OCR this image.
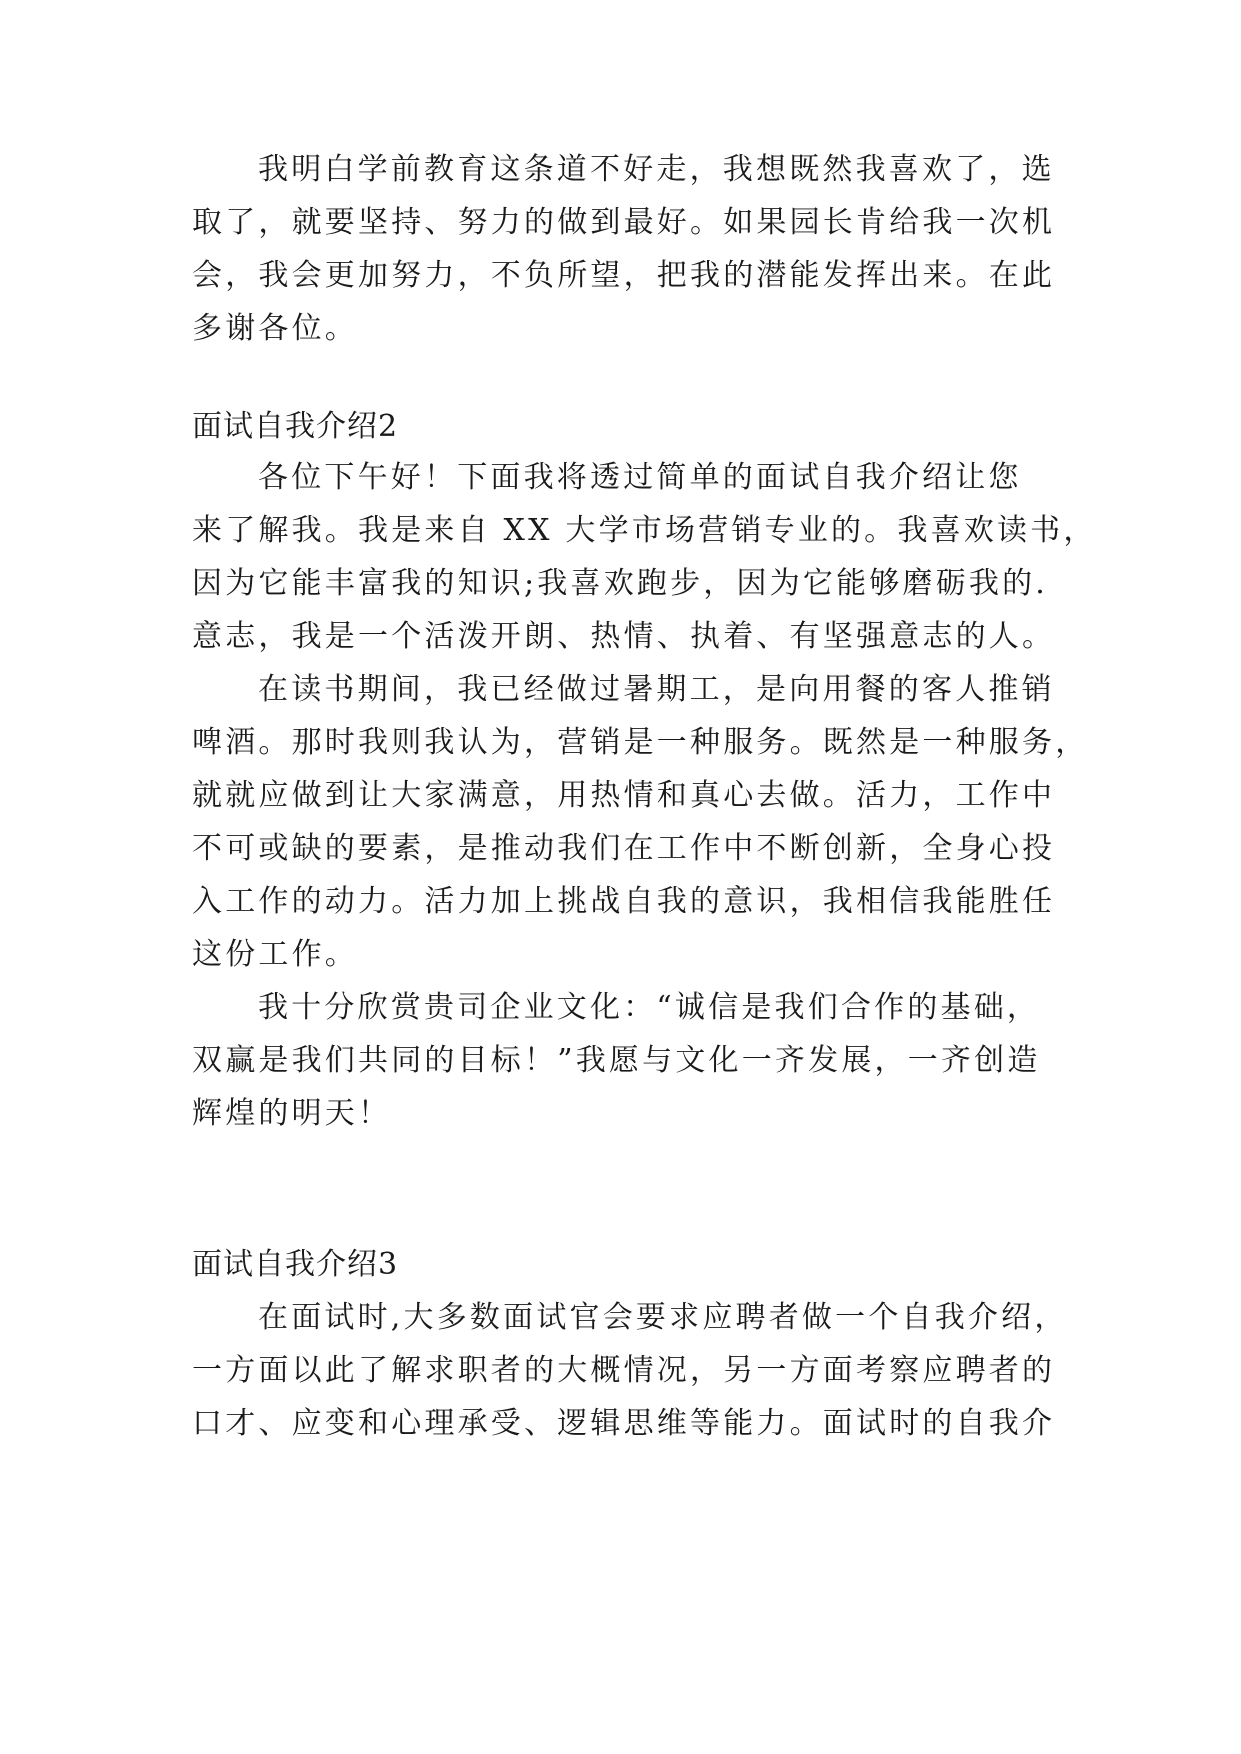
我明白学前教育这条道不好走，我想既然我喜欢了，选
取了，就要坚持、努力的做到最好。如果园长肯给我一次机
会，我会更加努力，不负所望，把我的潜能发挥出来。在此
多谢各位。
面试自我介绍2
各位下午好！下面我将透过简单的面试自我介绍让您
来了解我。我是来自 XX 大学市场营销专业的。我喜欢读书，
因为它能丰富我的知识;我喜欢跑步，因为它能够磨砺我的.
意志，我是一个活泼开朗、热情、执着、有坚强意志的人。
在读书期间，我已经做过暑期工，是向用餐的客人推销
啤酒。那时我则我认为，营销是一种服务。既然是一种服务，
就就应做到让大家满意，用热情和真心去做。活力，工作中
不可或缺的要素，是推动我们在工作中不断创新，全身心投
入工作的动力。活力加上挑战自我的意识，我相信我能胜任
这份工作。
我十分欣赏贵司企业文化：“诚信是我们合作的基础，
双赢是我们共同的目标！”我愿与文化一齐发展，一齐创造
辉煌的明天！
面试自我介绍3
在面试时,大多数面试官会要求应聘者做一个自我介绍，
一方面以此了解求职者的大概情况，另一方面考察应聘者的
口才、应变和心理承受、逻辑思维等能力。面试时的自我介
